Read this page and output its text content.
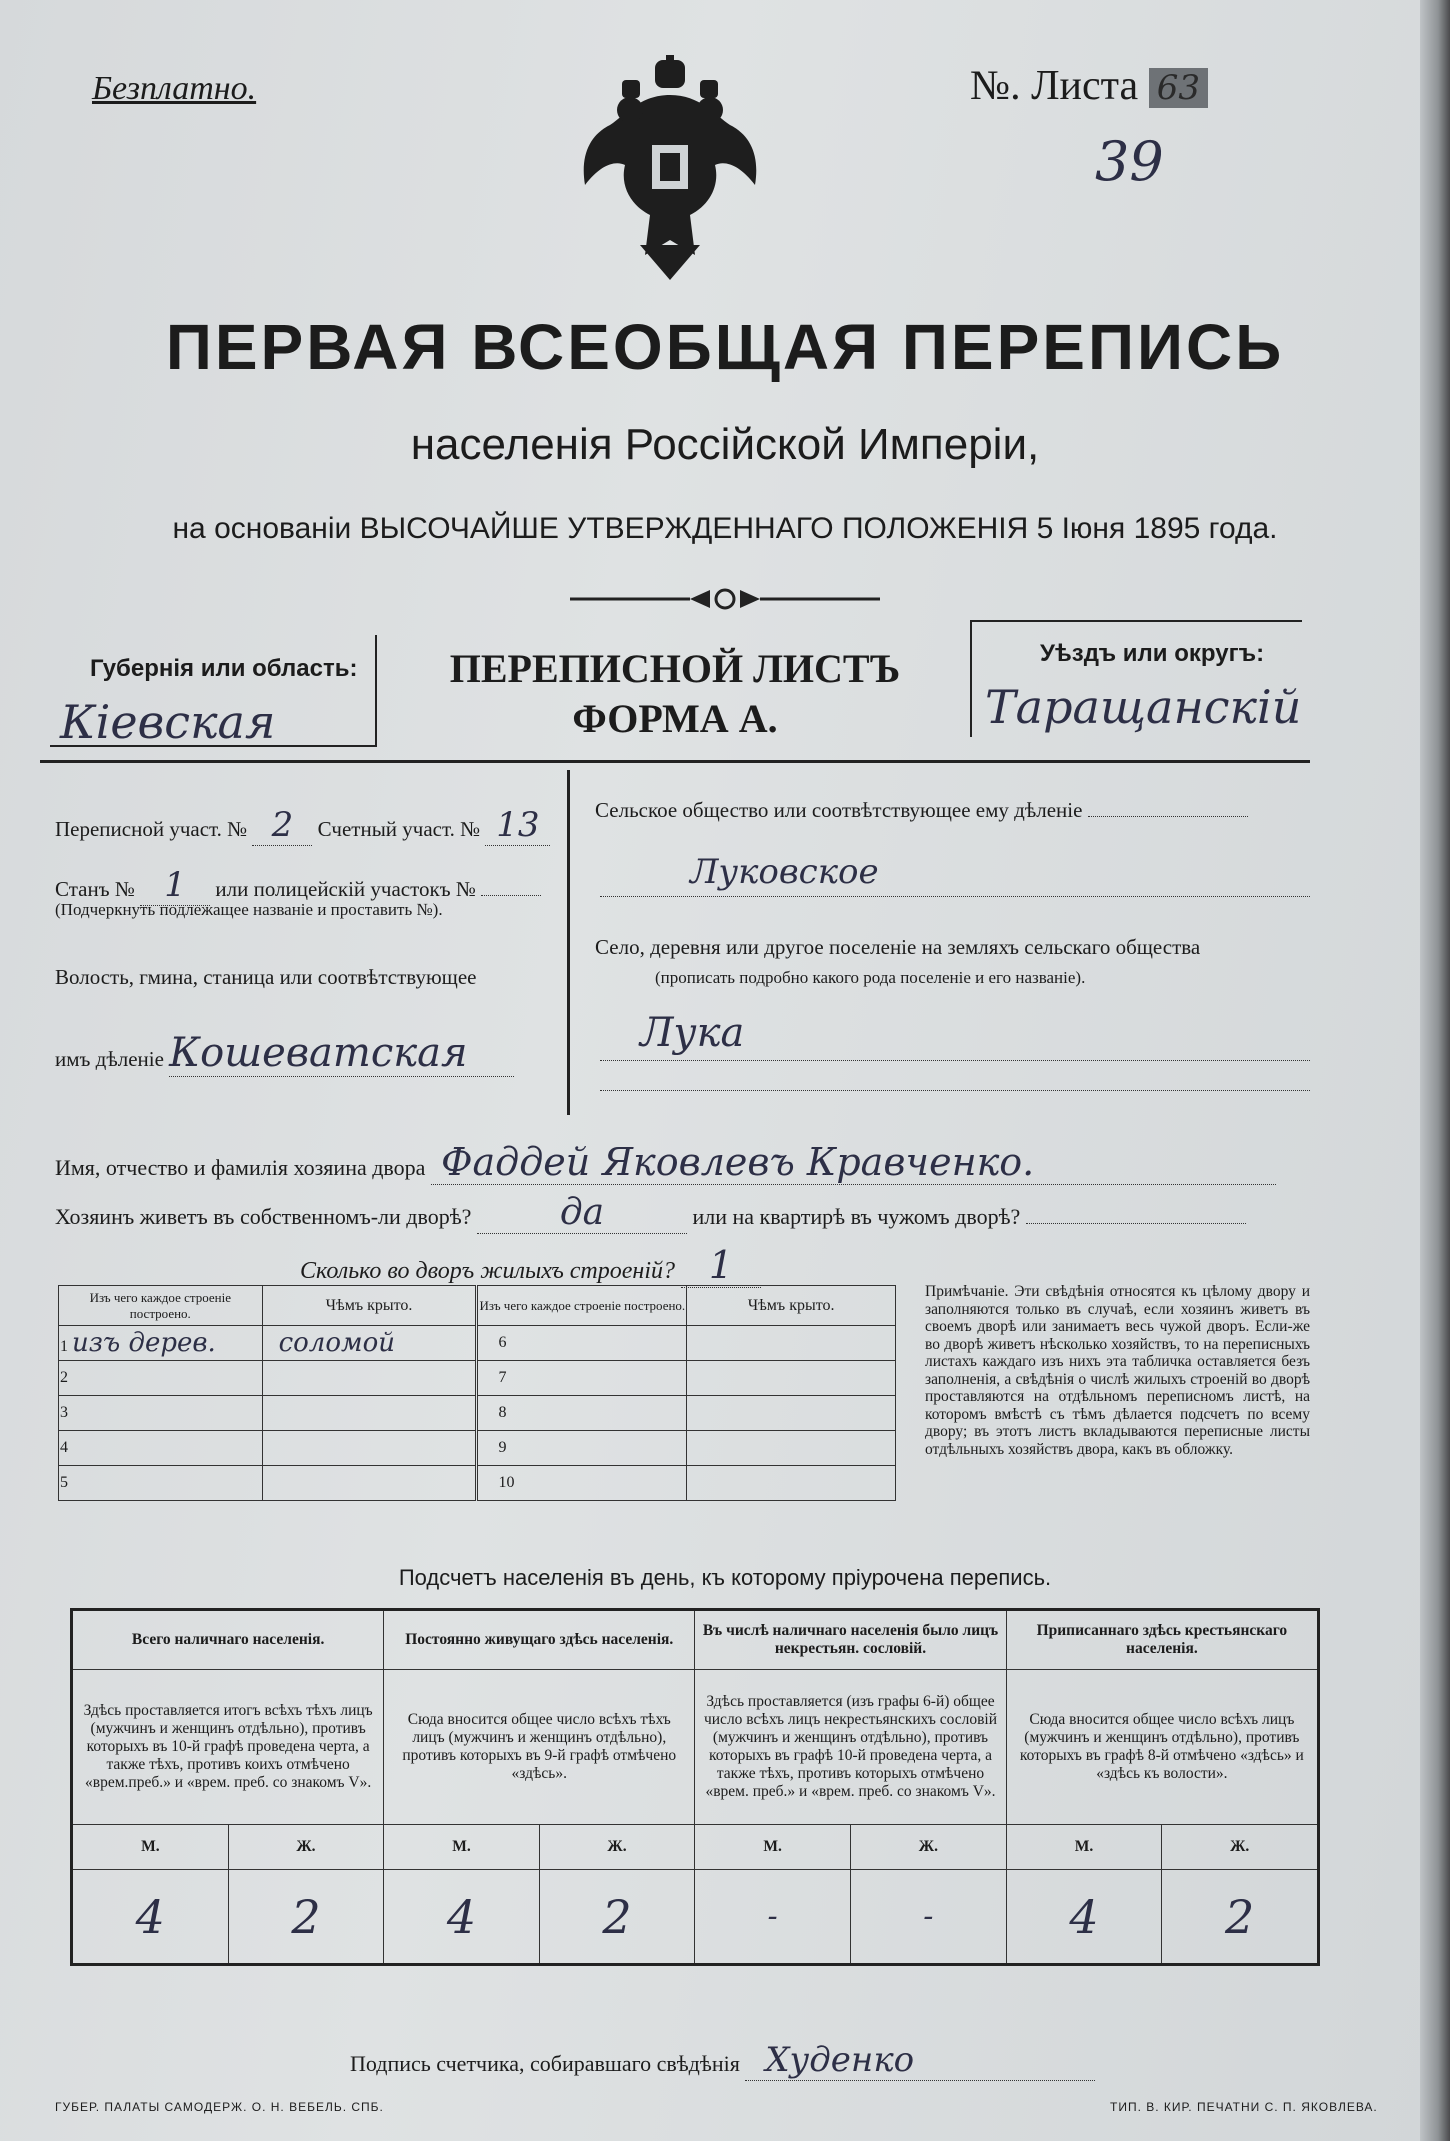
Безплатно.	№. Листа 63
39
ПЕРВАЯ ВСЕОБЩАЯ ПЕРЕПИСЬ
населенія Россійской Имперіи,
на основаніи ВЫСОЧАЙШЕ УТВЕРЖДЕННАГО ПОЛОЖЕНІЯ 5 Іюня 1895 года.
Губернія или область:
Кіевская
ПЕРЕПИСНОЙ ЛИСТЪ
ФОРМА А.
Уѣздъ или округъ:
Таращанскій
Переписной участ. № 2 Счетный участ. № 13
Станъ № 1 или полицейскій участокъ №
(Подчеркнуть подлежащее названіе и проставить №).
Волость, гмина, станица или соотвѣтствующее
имъ дѣленіе Кошеватская
Сельское общество или соотвѣтствующее ему дѣленіе
Луковское
Село, деревня или другое поселеніе на земляхъ сельскаго общества
(прописать подробно какого рода поселеніе и его названіе).
Лука
Имя, отчество и фамилія хозяина двора Фаддей Яковлевъ Кравченко.
Хозяинъ живетъ въ собственномъ-ли дворѣ? да	или на квартирѣ въ чужомъ дворѣ?
Сколько во дворъ жилыхъ строеній? 1
Изъ чего каждое строеніе построено.	Чѣмъ крыто.	Изъ чего каждое строеніе построено.	Чѣмъ крыто.
1 изъ дерев.	соломой	6	
2		7	
3		8	
4		9	
5		10	
Примѣчаніе. Эти свѣдѣнія относятся къ цѣлому двору и заполняются только въ случаѣ, если хозяинъ живетъ въ своемъ дворѣ или занимаетъ весь чужой дворъ. Если-же во дворѣ живетъ нѣсколько хозяйствъ, то на переписныхъ листахъ каждаго изъ нихъ эта табличка оставляется безъ заполненія, а свѣдѣнія о числѣ жилыхъ строеній во дворѣ проставляются на отдѣльномъ переписномъ листѣ, на которомъ вмѣстѣ съ тѣмъ дѣлается подсчетъ по всему двору; въ этотъ листъ вкладываются переписные листы отдѣльныхъ хозяйствъ двора, какъ въ обложку.
Подсчетъ населенія въ день, къ которому пріурочена перепись.
Всего наличнаго населенія.		Постоянно живущаго здѣсь населенія.		Въ числѣ наличнаго населенія было лицъ некрестьян. сословій.		Приписаннаго здѣсь крестьянскаго населенія.	
Здѣсь проставляется итогъ всѣхъ тѣхъ лицъ (мужчинъ и женщинъ отдѣльно), противъ которыхъ въ 10-й графѣ проведена черта, а также тѣхъ, противъ коихъ отмѣчено «врем.преб.» и «врем. преб. со знакомъ V».		Сюда вносится общее число всѣхъ тѣхъ лицъ (мужчинъ и женщинъ отдѣльно), противъ которыхъ въ 9-й графѣ отмѣчено «здѣсь».		Здѣсь проставляется (изъ графы 6-й) общее число всѣхъ лицъ некрестьянскихъ сословій (мужчинъ и женщинъ отдѣльно), противъ которыхъ въ графѣ 10-й проведена черта, а также тѣхъ, противъ которыхъ отмѣчено «врем. преб.» и «врем. преб. со знакомъ V».		Сюда вносится общее число всѣхъ лицъ (мужчинъ и женщинъ отдѣльно), противъ которыхъ въ графѣ 8-й отмѣчено «здѣсь» и «здѣсь къ волости».	
М.	Ж.	М.	Ж.	М.	Ж.	М.	Ж.
4	2	4	2	-	-	4	2
Подпись счетчика, собиравшаго свѣдѣнія Худенко
ГУБЕР. ПАЛАТЫ САМОДЕРЖ. О. Н. ВЕБЕЛЬ. СПБ.	ТИП. В. КИР. ПЕЧАТНИ С. П. ЯКОВЛЕВА.
